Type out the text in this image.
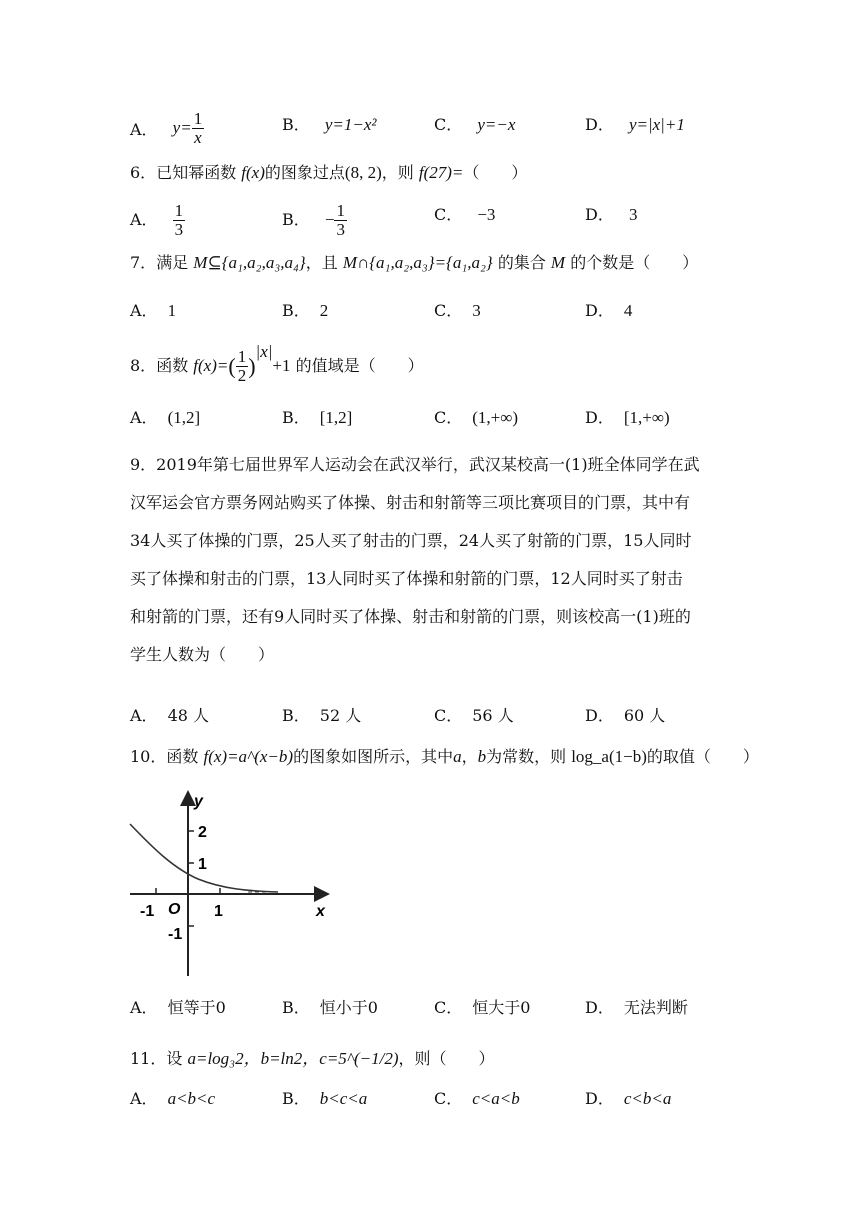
A． $y= \frac{1}{x}$	B． y=1−x²	C． y=−x	D． y=|x|+1
6．已知幂函数 f(x)的图象过点(8, 2)，则 f(27)=（　　）
A． $\frac{1}{3}$	B． − $\frac{1}{3}$	C． −3	D． 3
7．满足 M⊆{a₁,a₂,a₃,a₄}，且 M∩{a₁,a₂,a₃}={a₁,a₂} 的集合 M 的个数是（　　）
A． 1	B． 2	C． 3	D． 4
8．函数 $f(x)=( \frac{1}{2} )^{|x|}+1$ 的值域是（　　）
A． (1,2]	B． [1,2]	C． (1,+∞)	D． [1,+∞)
9．2019年第七届世界军人运动会在武汉举行，武汉某校高一(1)班全体同学在武
汉军运会官方票务网站购买了体操、射击和射箭等三项比赛项目的门票，其中有
34人买了体操的门票，25人买了射击的门票，24人买了射箭的门票，15人同时
买了体操和射击的门票，13人同时买了体操和射箭的门票，12人同时买了射击
和射箭的门票，还有9人同时买了体操、射击和射箭的门票，则该校高一(1)班的
学生人数为（　　）
A． 48 人	B． 52 人	C． 56 人	D． 60 人
10．函数 f(x)=a^(x−b)的图象如图所示，其中a，b为常数，则 log_a(1−b)的取值（　　）
y
x
O
2
1
-1
-1	1
A． 恒等于0	B． 恒小于0	C． 恒大于0	D． 无法判断
11．设 a=log₃2，b=ln2，c=5^(−1/2)，则（　　）
A． a<b<c	B． b<c<a	C． c<a<b	D． c<b<a
